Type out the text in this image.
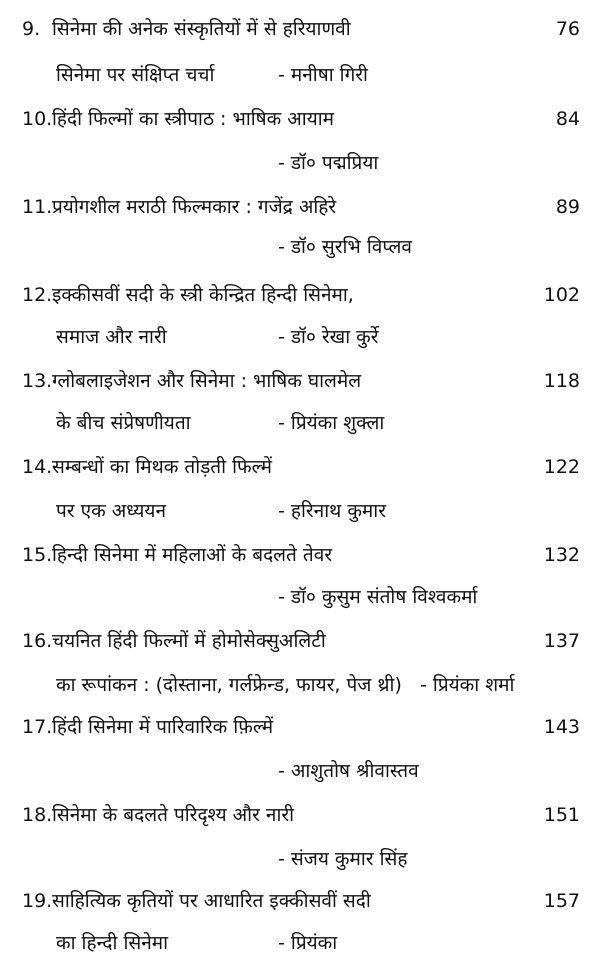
9. सिनेमा की अनेक संस्कृतियों में से हरियाणवी	76
सिनेमा पर संक्षिप्त चर्चा	- मनीषा गिरी
10. हिंदी फिल्मों का स्त्रीपाठ : भाषिक आयाम	84
- डॉ० पद्मप्रिया
11. प्रयोगशील मराठी फिल्मकार : गजेंद्र अहिरे	89
- डॉ० सुरभि विप्लव
12. इक्कीसवीं सदी के स्त्री केन्द्रित हिन्दी सिनेमा,	102
समाज और नारी	- डॉ० रेखा कुर्रे
13. ग्लोबलाइजेशन और सिनेमा : भाषिक घालमेल	118
के बीच संप्रेषणीयता	- प्रियंका शुक्ला
14. सम्बन्धों का मिथक तोड़ती फिल्में	122
पर एक अध्ययन	- हरिनाथ कुमार
15. हिन्दी सिनेमा में महिलाओं के बदलते तेवर	132
- डॉ० कुसुम संतोष विश्वकर्मा
16. चयनित हिंदी फिल्मों में होमोसेक्सुअलिटी	137
का रूपांकन : (दोस्ताना, गर्लफ्रेन्ड, फायर, पेज थ्री) - प्रियंका शर्मा
17. हिंदी सिनेमा में पारिवारिक फ़िल्में	143
- आशुतोष श्रीवास्तव
18. सिनेमा के बदलते परिदृश्य और नारी	151
- संजय कुमार सिंह
19. साहित्यिक कृतियों पर आधारित इक्कीसवीं सदी	157
का हिन्दी सिनेमा	- प्रियंका
